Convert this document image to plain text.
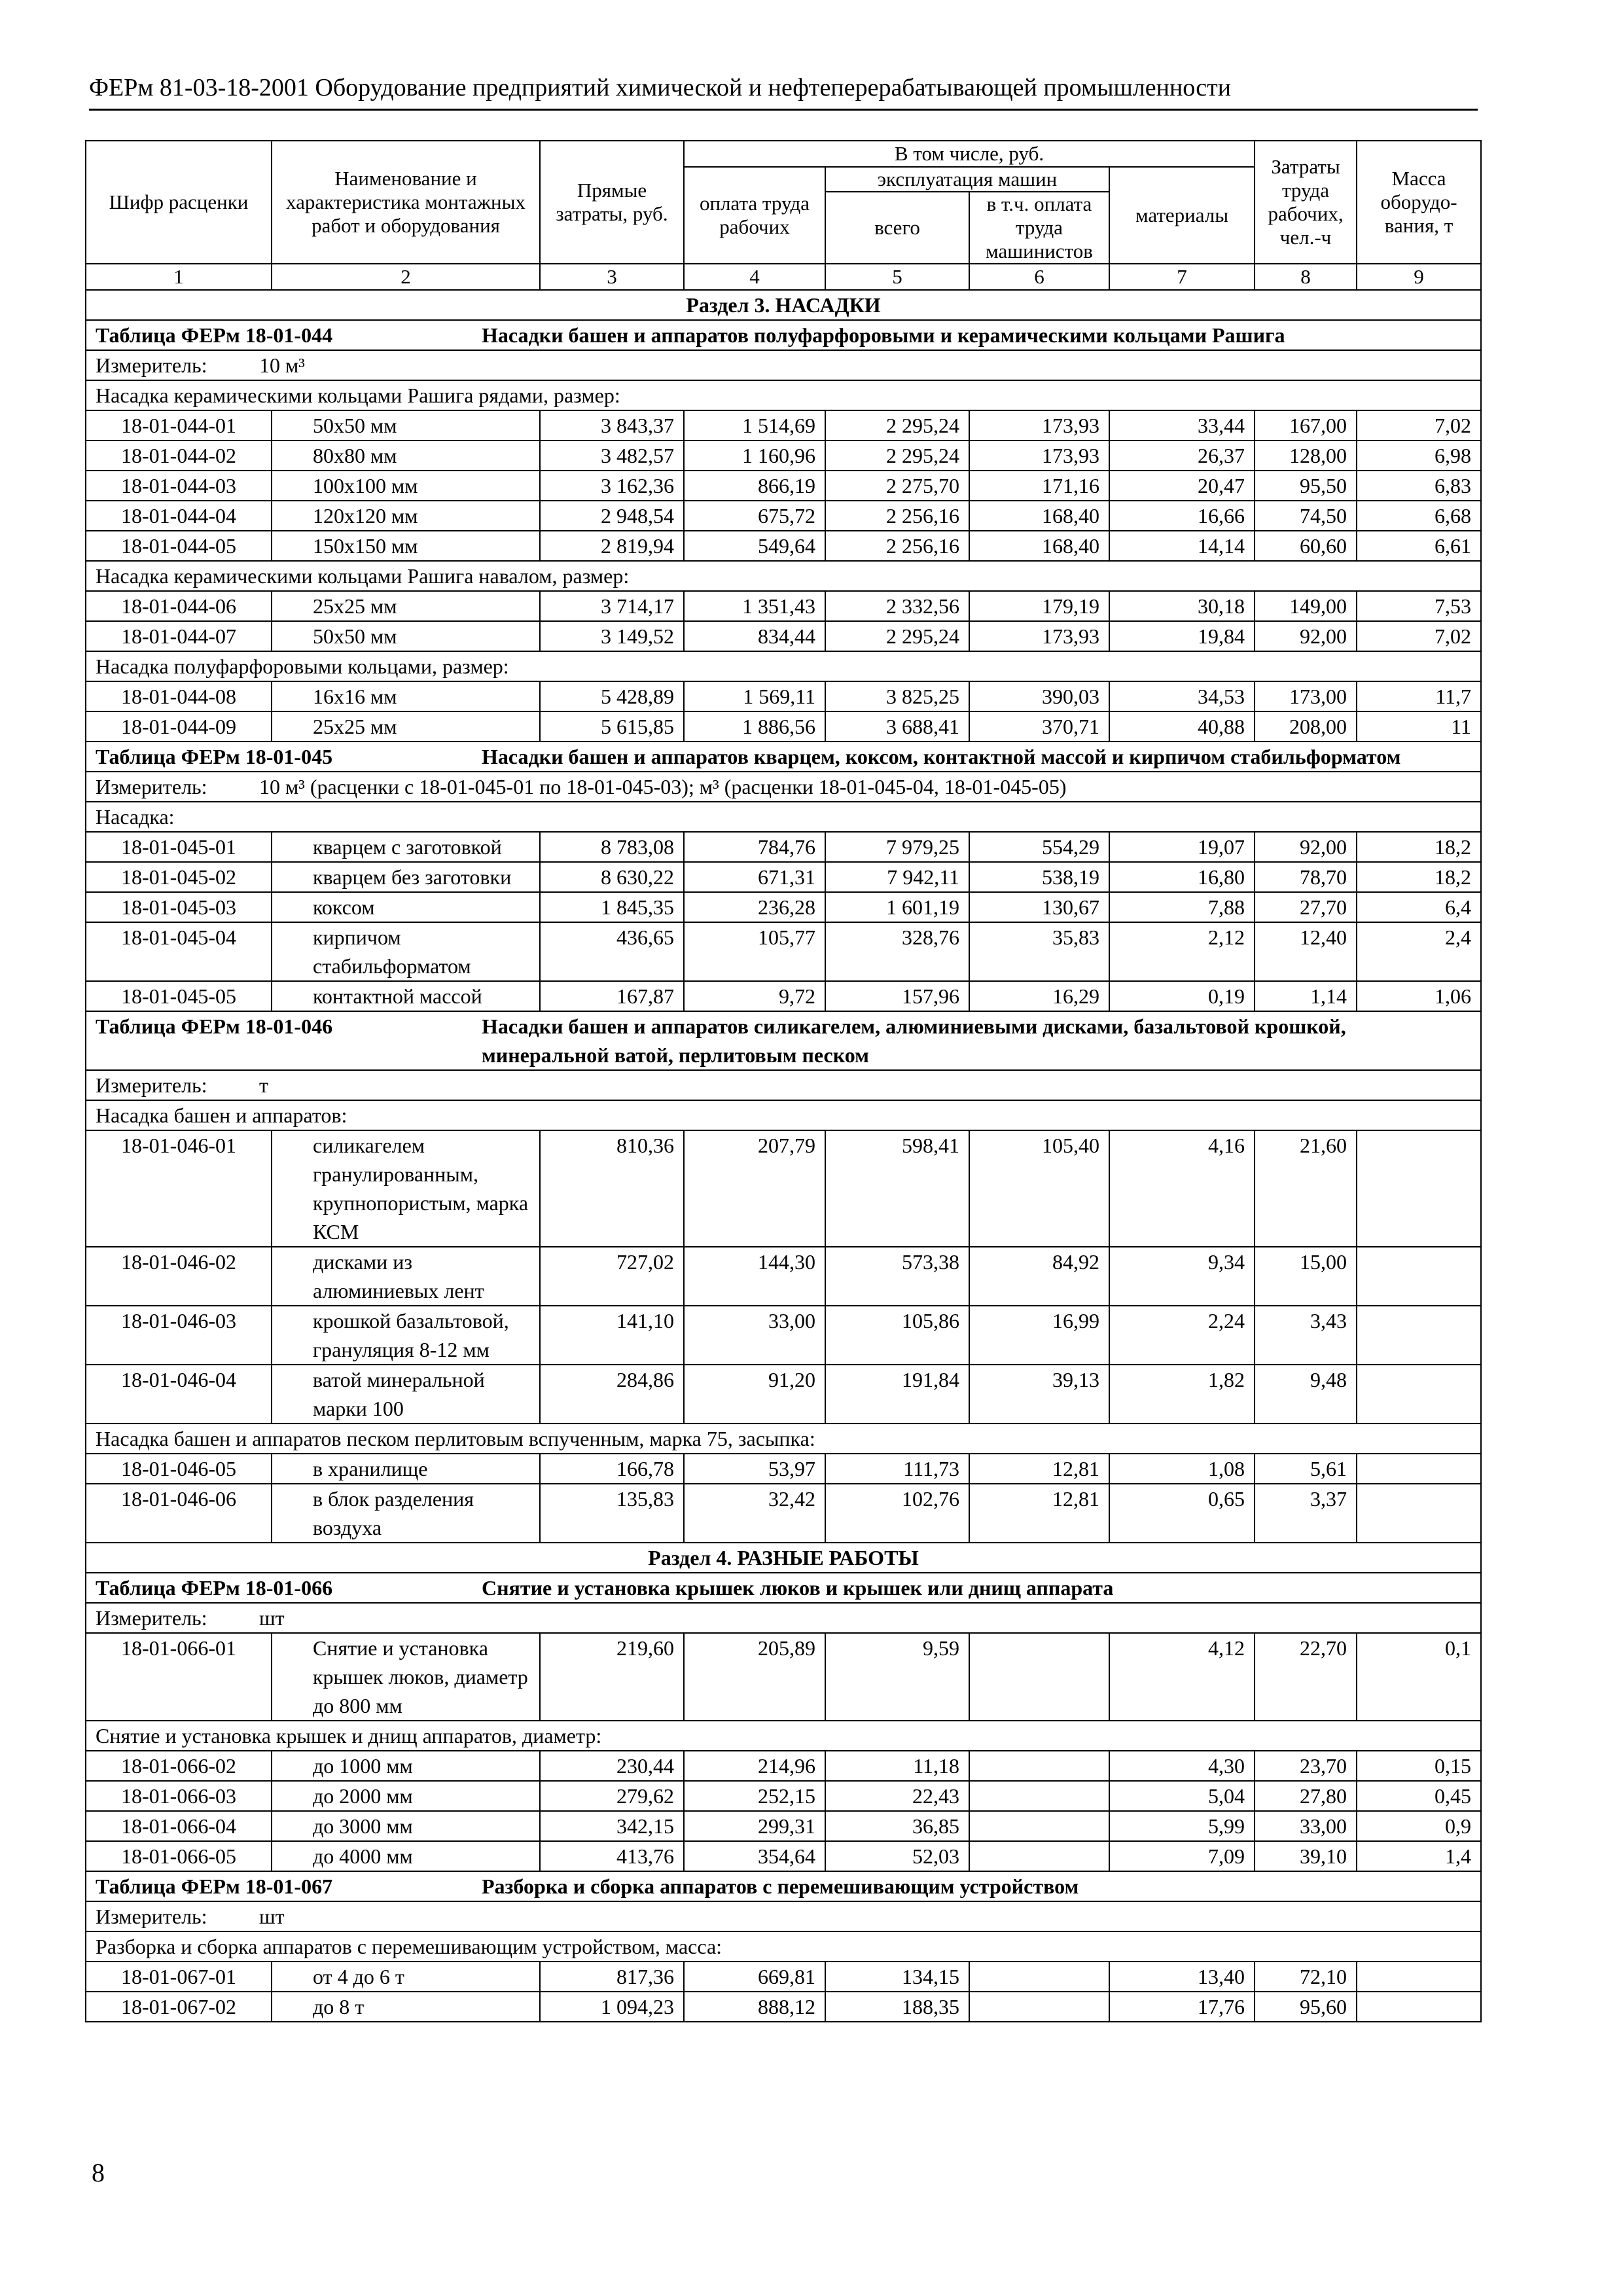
ФЕРм 81-03-18-2001 Оборудование предприятий химической и нефтеперерабатывающей промышленности
Шифр расценки	Наименование и характеристика монтажных работ и оборудования	Прямые затраты, руб.	В том числе, руб.				Затраты труда рабочих, чел.-ч	Масса оборудо-вания, т
			оплата труда рабочих	эксплуатация машин		материалы		
				всего	в т.ч. оплата труда машинистов			
1	2	3	4	5	6	7	8	9
Раздел 3. НАСАДКИ								
Таблица ФЕРм 18-01-044 Насадки башен и аппаратов полуфарфоровыми и керамическими кольцами Рашига								
Измеритель: 10 м³								
Насадка керамическими кольцами Рашига рядами, размер:								
18-01-044-01	50x50 мм	3 843,37	1 514,69	2 295,24	173,93	33,44	167,00	7,02
18-01-044-02	80x80 мм	3 482,57	1 160,96	2 295,24	173,93	26,37	128,00	6,98
18-01-044-03	100x100 мм	3 162,36	866,19	2 275,70	171,16	20,47	95,50	6,83
18-01-044-04	120x120 мм	2 948,54	675,72	2 256,16	168,40	16,66	74,50	6,68
18-01-044-05	150x150 мм	2 819,94	549,64	2 256,16	168,40	14,14	60,60	6,61
Насадка керамическими кольцами Рашига навалом, размер:								
18-01-044-06	25x25 мм	3 714,17	1 351,43	2 332,56	179,19	30,18	149,00	7,53
18-01-044-07	50x50 мм	3 149,52	834,44	2 295,24	173,93	19,84	92,00	7,02
Насадка полуфарфоровыми кольцами, размер:								
18-01-044-08	16x16 мм	5 428,89	1 569,11	3 825,25	390,03	34,53	173,00	11,7
18-01-044-09	25x25 мм	5 615,85	1 886,56	3 688,41	370,71	40,88	208,00	11
Таблица ФЕРм 18-01-045 Насадки башен и аппаратов кварцем, коксом, контактной массой и кирпичом стабильформатом								
Измеритель: 10 м³ (расценки с 18-01-045-01 по 18-01-045-03); м³ (расценки 18-01-045-04, 18-01-045-05)								
Насадка:								
18-01-045-01	кварцем с заготовкой	8 783,08	784,76	7 979,25	554,29	19,07	92,00	18,2
18-01-045-02	кварцем без заготовки	8 630,22	671,31	7 942,11	538,19	16,80	78,70	18,2
18-01-045-03	коксом	1 845,35	236,28	1 601,19	130,67	7,88	27,70	6,4
18-01-045-04	кирпичом стабильформатом	436,65	105,77	328,76	35,83	2,12	12,40	2,4
18-01-045-05	контактной массой	167,87	9,72	157,96	16,29	0,19	1,14	1,06
Таблица ФЕРм 18-01-046 Насадки башен и аппаратов силикагелем, алюминиевыми дисками, базальтовой крошкой, минеральной ватой, перлитовым песком								
Измеритель: т								
Насадка башен и аппаратов:								
18-01-046-01	силикагелем гранулированным, крупнопористым, марка КСМ	810,36	207,79	598,41	105,40	4,16	21,60	
18-01-046-02	дисками из алюминиевых лент	727,02	144,30	573,38	84,92	9,34	15,00	
18-01-046-03	крошкой базальтовой, грануляция 8-12 мм	141,10	33,00	105,86	16,99	2,24	3,43	
18-01-046-04	ватой минеральной марки 100	284,86	91,20	191,84	39,13	1,82	9,48	
Насадка башен и аппаратов песком перлитовым вспученным, марка 75, засыпка:								
18-01-046-05	в хранилище	166,78	53,97	111,73	12,81	1,08	5,61	
18-01-046-06	в блок разделения воздуха	135,83	32,42	102,76	12,81	0,65	3,37	
Раздел 4. РАЗНЫЕ РАБОТЫ								
Таблица ФЕРм 18-01-066 Снятие и установка крышек люков и крышек или днищ аппарата								
Измеритель: шт								
18-01-066-01	Снятие и установка крышек люков, диаметр до 800 мм	219,60	205,89	9,59		4,12	22,70	0,1
Снятие и установка крышек и днищ аппаратов, диаметр:								
18-01-066-02	до 1000 мм	230,44	214,96	11,18		4,30	23,70	0,15
18-01-066-03	до 2000 мм	279,62	252,15	22,43		5,04	27,80	0,45
18-01-066-04	до 3000 мм	342,15	299,31	36,85		5,99	33,00	0,9
18-01-066-05	до 4000 мм	413,76	354,64	52,03		7,09	39,10	1,4
Таблица ФЕРм 18-01-067 Разборка и сборка аппаратов с перемешивающим устройством								
Измеритель: шт								
Разборка и сборка аппаратов с перемешивающим устройством, масса:								
18-01-067-01	от 4 до 6 т	817,36	669,81	134,15		13,40	72,10	
18-01-067-02	до 8 т	1 094,23	888,12	188,35		17,76	95,60	
8
